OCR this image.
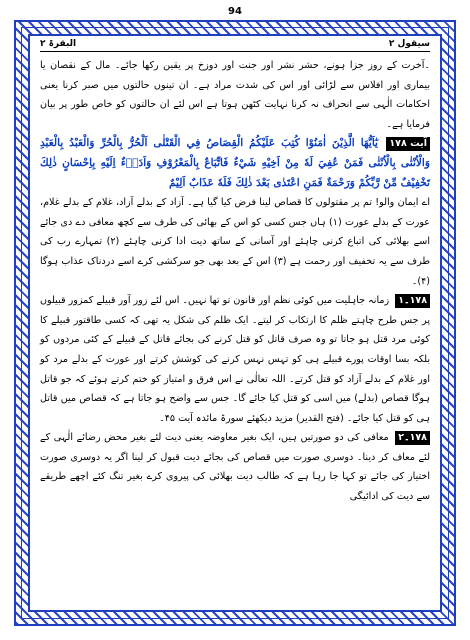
94
سیقول ۲
البقرۃ ۲

۔آخرت کے روز جزا ہونے، حشر نشر اور جنت اور دوزخ پر یقین رکھا جائے۔ مال کے نقصان یا بیماری اور افلاس سے لڑائی اور اس کی شدت مراد ہے۔ ان تینوں حالتوں میں صبر کرنا یعنی احکامات الٰہی سے انحراف نہ کرنا نہایت کٹھن ہوتا ہے اس لئے ان حالتوں کو خاص طور پر بیان فرمایا ہے۔

آیت ۱۷۸ يٰٓاَيُّهَا الَّذِيْنَ اٰمَنُوْا كُتِبَ عَلَيْكُمُ الْقِصَاصُ فِي الْقَتْلٰى اَلْحُرُّ بِالْحُرِّ وَالْعَبْدُ بِالْعَبْدِ وَالْاُنْثٰى بِالْاُنْثٰى فَمَنْ عُفِيَ لَهٗ مِنْ اَخِيْهِ شَيْءٌ فَاتِّبَاعٌ بِالْمَعْرُوْفِ وَاَدَاۗءٌ اِلَيْهِ بِاِحْسَانٍ ذٰلِكَ تَخْفِيْفٌ مِّنْ رَّبِّكُمْ وَرَحْمَةٌ فَمَنِ اعْتَدٰى بَعْدَ ذٰلِكَ فَلَهٗ عَذَابٌ اَلِيْمٌ

اے ایمان والو! تم پر مقتولوں کا قصاص لینا فرض کیا گیا ہے۔ آزاد کے بدلے آزاد، غلام کے بدلے غلام، عورت کے بدلے عورت (۱) ہاں جس کسی کو اس کے بھائی کی طرف سے کچھ معافی دے دی جائے اسے بھلائی کی اتباع کرنی چاہئے اور آسانی کے ساتھ دیت ادا کرنی چاہئے (۲) تمہارے رب کی طرف سے یہ تخفیف اور رحمت ہے (۳) اس کے بعد بھی جو سرکشی کرے اسے دردناک عذاب ہوگا (۴)۔

۱۷۸۔۱ زمانہ جاہلیت میں کوئی نظم اور قانون تو تھا نہیں۔ اس لئے زور آور قبیلے کمزور قبیلوں پر جس طرح چاہتے ظلم کا ارتکاب کر لیتے۔ ایک ظلم کی شکل یہ تھی کہ کسی طاقتور قبیلے کا کوئی مرد قتل ہو جاتا تو وہ صرف قاتل کو قتل کرنے کی بجائے قاتل کے قبیلے کے کئی مردوں کو بلکہ بسا اوقات پورے قبیلے ہی کو تہس نہس کرنے کی کوشش کرتے اور عورت کے بدلے مرد کو اور غلام کے بدلے آزاد کو قتل کرتے۔ اللہ تعالٰی نے اس فرق و امتیاز کو ختم کرتے ہوئے کہ جو قاتل ہوگا قصاص (بدلے) میں اسی کو قتل کیا جائے گا۔ جس سے واضح ہو جاتا ہے کہ قصاص میں قاتل ہی کو قتل کیا جائے۔ (فتح القدیر) مزید دیکھئے سورۃ مائدہ آیت ۴۵۔

۱۷۸۔۲ معافی کی دو صورتیں ہیں، ایک بغیر معاوضہ یعنی دیت لئے بغیر محض رضائے الٰہی کے لئے معاف کر دینا۔ دوسری صورت میں قصاص کی بجائے دیت قبول کر لینا اگر یہ دوسری صورت اختیار کی جائے تو کہا جا رہا ہے کہ طالب دیت بھلائی کی پیروی کرے بغیر تنگ کئے اچھے طریقے سے دیت کی ادائیگی
